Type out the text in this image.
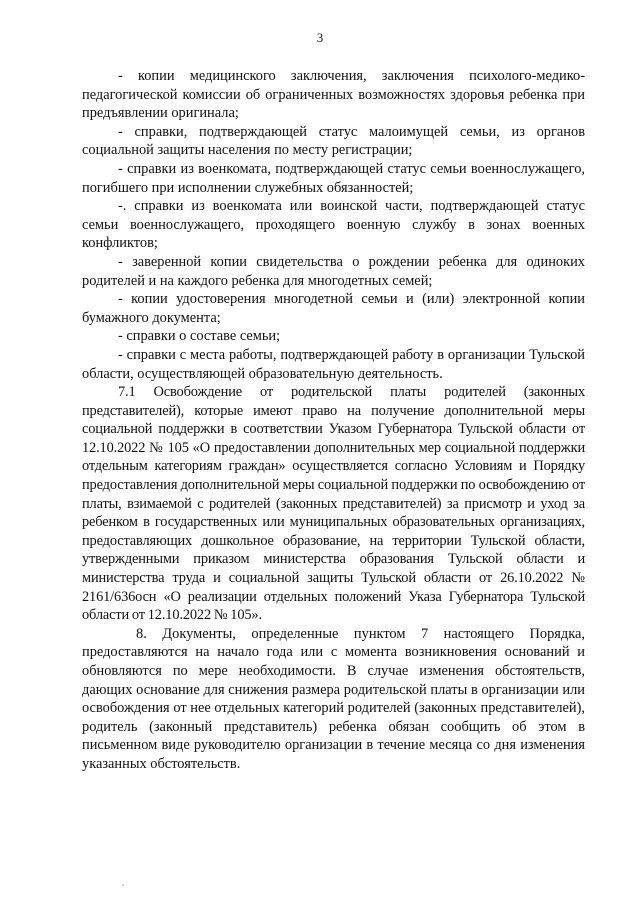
3

- копии медицинского заключения, заключения психолого-медико-педагогической комиссии об ограниченных возможностях здоровья ребенка при предъявлении оригинала;

- справки, подтверждающей статус малоимущей семьи, из органов социальной защиты населения по месту регистрации;

- справки из военкомата, подтверждающей статус семьи военнослужащего, погибшего при исполнении служебных обязанностей;

-. справки из военкомата или воинской части, подтверждающей статус семьи военнослужащего, проходящего военную службу в зонах военных конфликтов;

- заверенной копии свидетельства о рождении ребенка для одиноких родителей и на каждого ребенка для многодетных семей;

- копии удостоверения многодетной семьи и (или) электронной копии бумажного документа;

- справки о составе семьи;

- справки с места работы, подтверждающей работу в организации Тульской области, осуществляющей образовательную деятельность.

7.1 Освобождение от родительской платы родителей (законных представителей), которые имеют право на получение дополнительной меры социальной поддержки в соответствии Указом Губернатора Тульской области от 12.10.2022 № 105 «О предоставлении дополнительных мер социальной поддержки отдельным категориям граждан» осуществляется согласно Условиям и Порядку предоставления дополнительной меры социальной поддержки по освобождению от платы, взимаемой с родителей (законных представителей) за присмотр и уход за ребенком в государственных или муниципальных образовательных организациях, предоставляющих дошкольное образование, на территории Тульской области, утвержденными приказом министерства образования Тульской области и министерства труда и социальной защиты Тульской области от 26.10.2022 № 2161/636осн «О реализации отдельных положений Указа Губернатора Тульской области от 12.10.2022 № 105».

8. Документы, определенные пунктом 7 настоящего Порядка, предоставляются на начало года или с момента возникновения оснований и обновляются по мере необходимости. В случае изменения обстоятельств, дающих основание для снижения размера родительской платы в организации или освобождения от нее отдельных категорий родителей (законных представителей), родитель (законный представитель) ребенка обязан сообщить об этом в письменном виде руководителю организации в течение месяца со дня изменения указанных обстоятельств.
